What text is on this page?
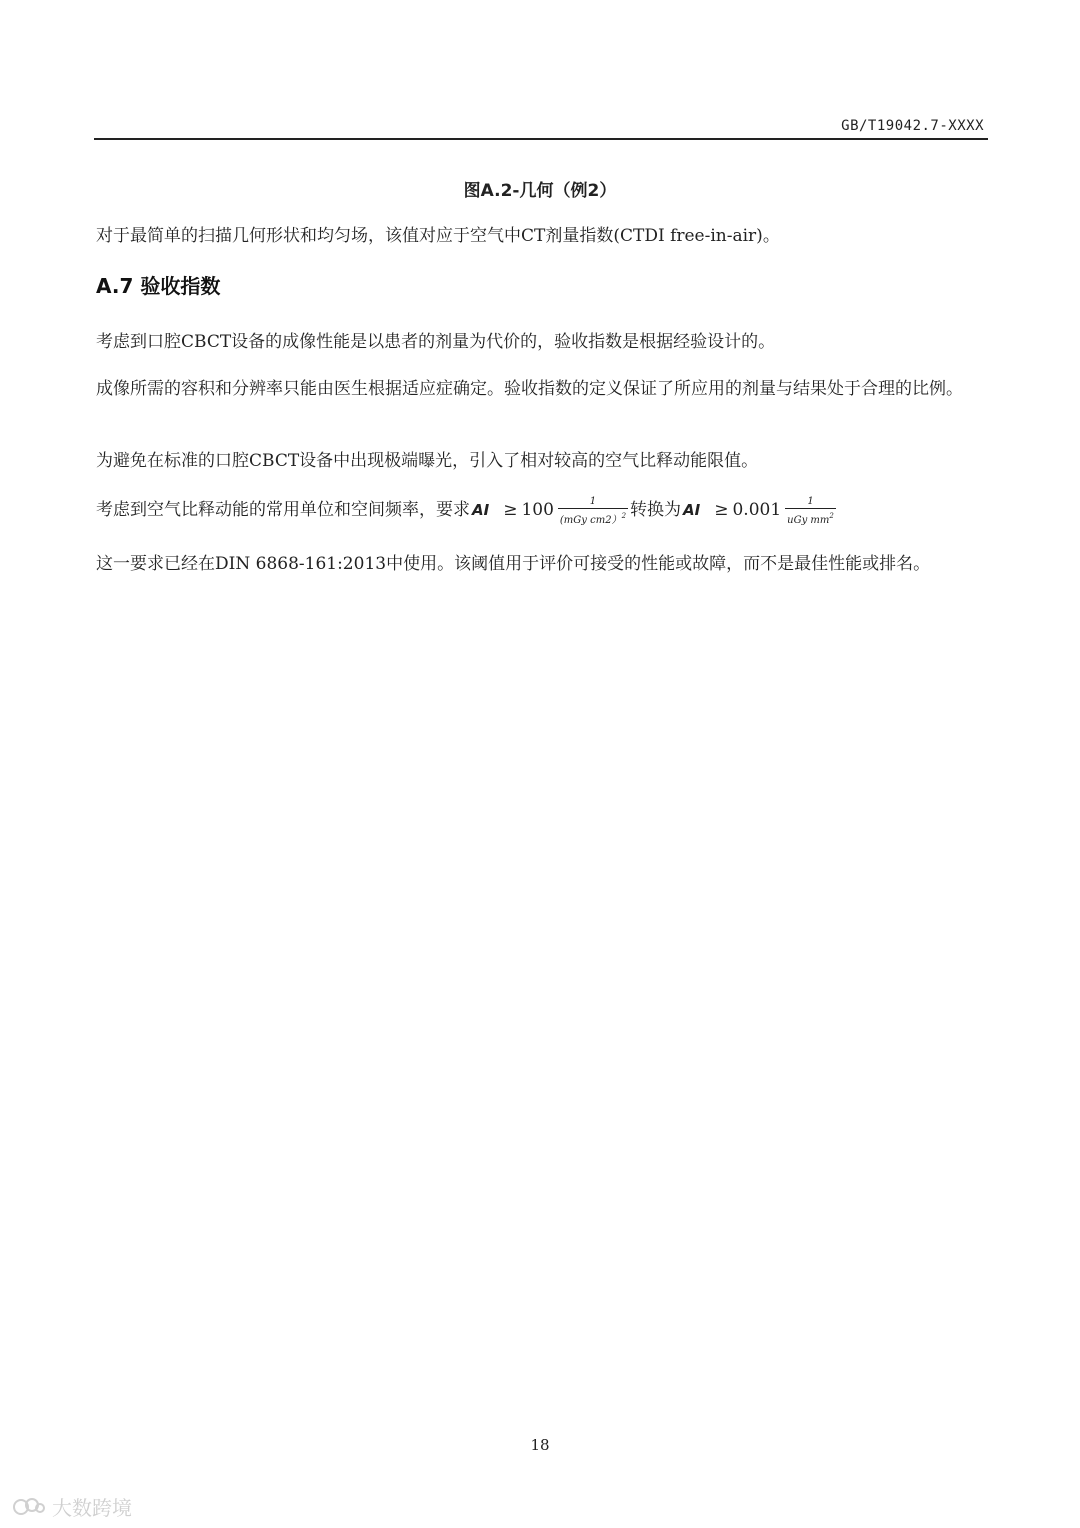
GB/T19042.7-XXXX
图A.2-几何（例2）
对于最简单的扫描几何形状和均匀场，该值对应于空气中CT剂量指数(CTDI free-in-air)。
A.7 验收指数
考虑到口腔CBCT设备的成像性能是以患者的剂量为代价的，验收指数是根据经验设计的。
成像所需的容积和分辨率只能由医生根据适应症确定。验收指数的定义保证了所应用的剂量与结果处于合理的比例。
为避免在标准的口腔CBCT设备中出现极端曝光，引入了相对较高的空气比释动能限值。
考虑到空气比释动能的常用单位和空间频率，要求 AI ≥ $100 \frac{1}{(mGy cm2)^2}$ 转换为 AI ≥ $0.001 \frac{1}{uGy mm^2}$
这一要求已经在DIN 6868-161:2013中使用。该阈值用于评价可接受的性能或故障，而不是最佳性能或排名。
18
大数跨境
